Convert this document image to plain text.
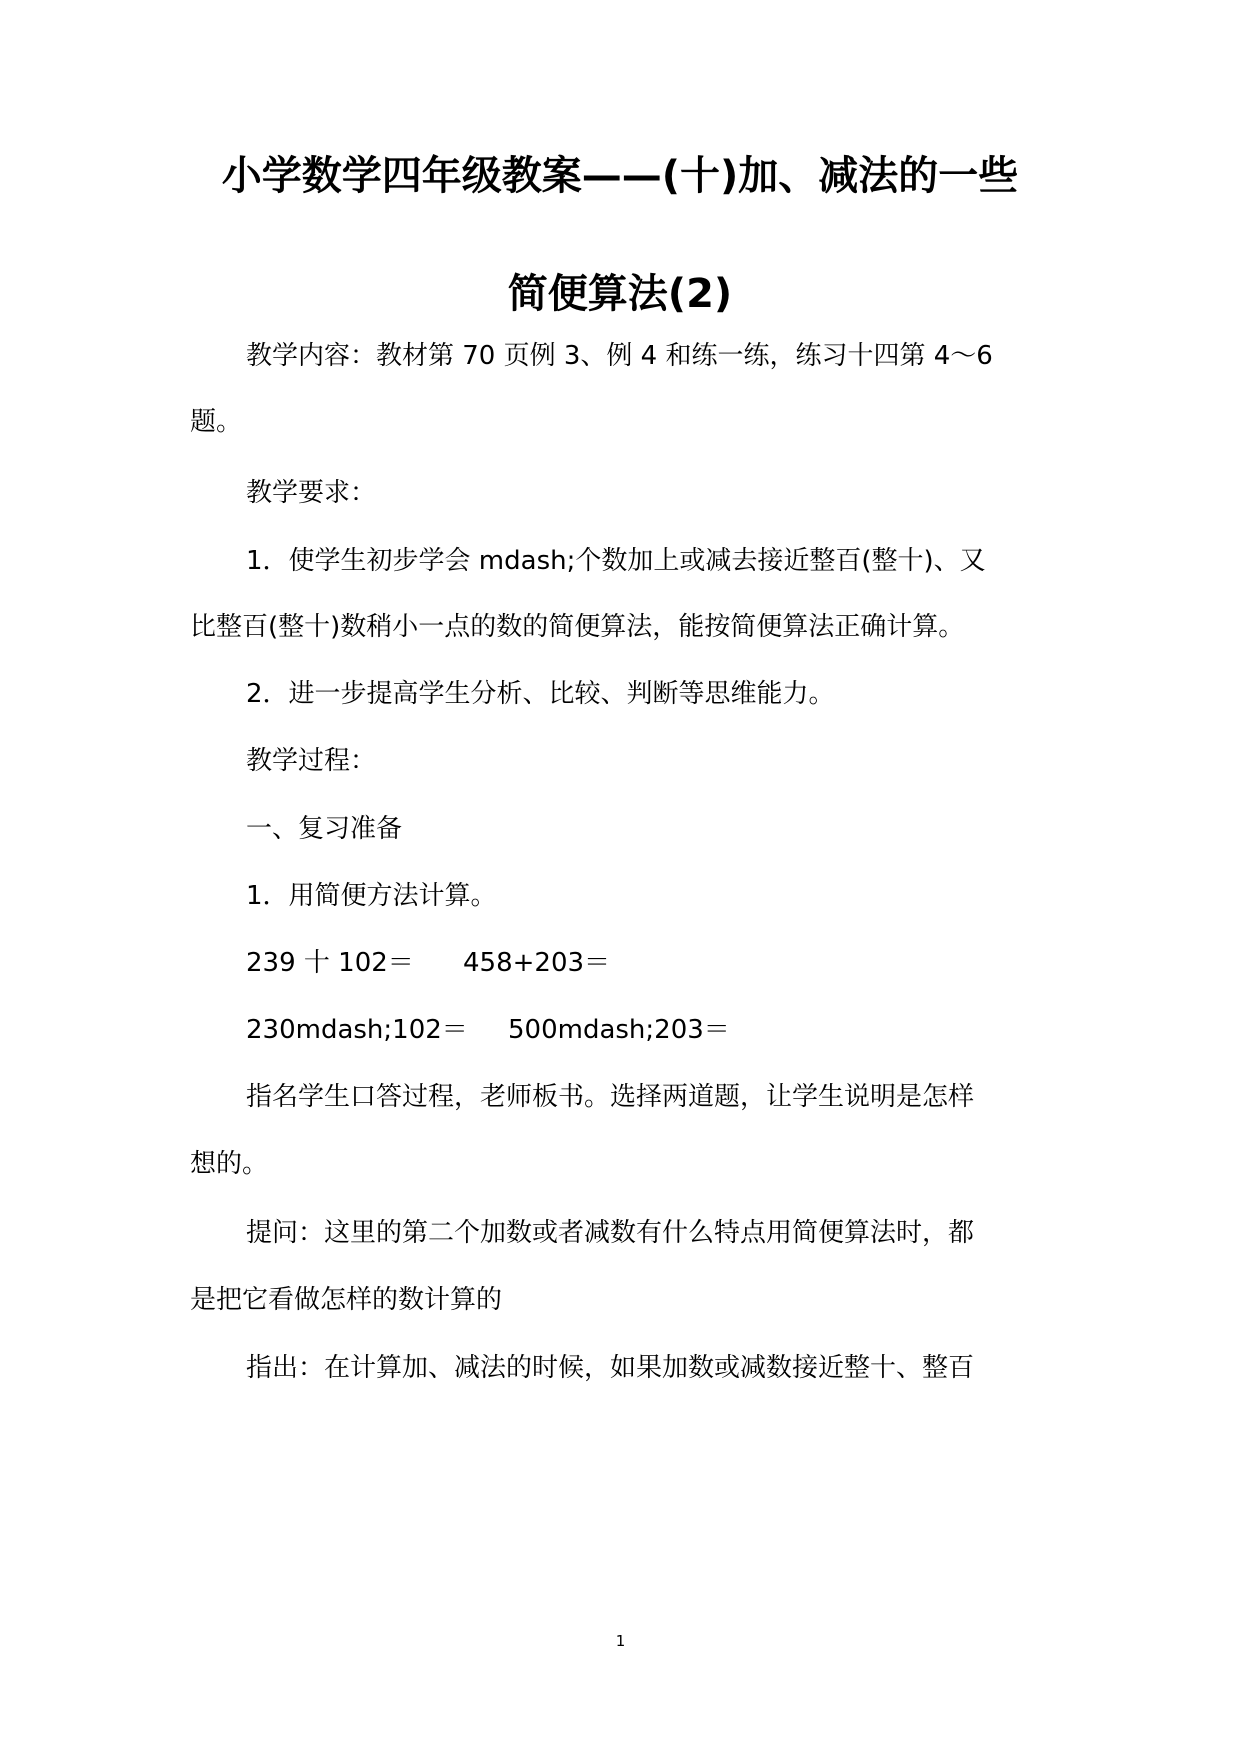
小学数学四年级教案——(十)加、减法的一些
简便算法(2)
教学内容：教材第 70 页例 3、例 4 和练一练，练习十四第 4～6
题。
教学要求：
1．使学生初步学会 mdash;个数加上或减去接近整百(整十)、又
比整百(整十)数稍小一点的数的简便算法，能按简便算法正确计算。
2．进一步提高学生分析、比较、判断等思维能力。
教学过程：
一、复习准备
1．用简便方法计算。
239 十 102＝ 458+203＝
230mdash;102＝ 500mdash;203＝
指名学生口答过程，老师板书。选择两道题，让学生说明是怎样
想的。
提问：这里的第二个加数或者减数有什么特点用简便算法时，都
是把它看做怎样的数计算的
指出：在计算加、减法的时候，如果加数或减数接近整十、整百
1
